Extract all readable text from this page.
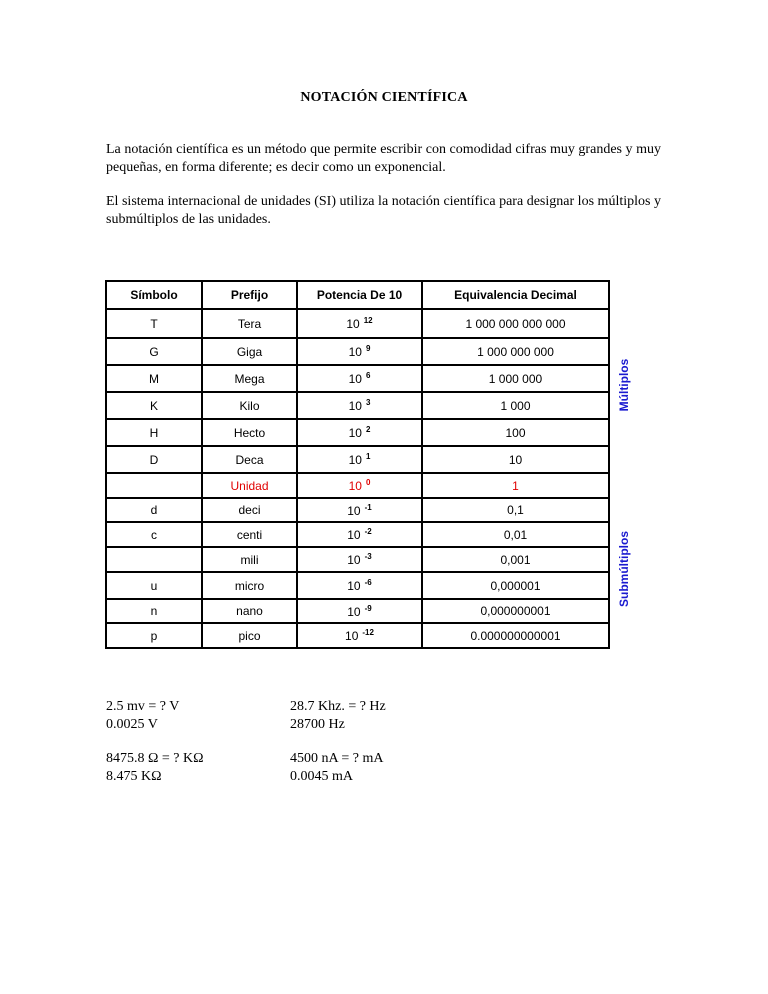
NOTACIÓN CIENTÍFICA
La notación científica es un método que permite escribir con comodidad cifras muy grandes y muy pequeñas, en forma diferente; es decir como un exponencial.
El sistema internacional de unidades (SI) utiliza la notación científica para designar los múltiplos y submúltiplos de las unidades.
Símbolo	Prefijo	Potencia De 10	Equivalencia Decimal
T	Tera	10 $^{12}$	1 000 000 000 000
G	Giga	10 $^9$	1 000 000 000
M	Mega	10 $^6$	1 000 000
K	Kilo	10 $^3$	1 000
H	Hecto	10 $^2$	100
D	Deca	10 $^1$	10
	Unidad	10 $^0$	1
d	deci	10 $^{-1}$	0,1
c	centi	10 $^{-2}$	0,01
	mili	10 $^{-3}$	0,001
u	micro	10 $^{-6}$	0,000001
n	nano	10 $^{-9}$	0,000000001
p	pico	10 $^{-12}$	0.000000000001
Múltiplos
Submúltiplos
2.5 mv = ? V
0.0025 V
28.7 Khz. = ? Hz
28700 Hz
8475.8 Ω = ? KΩ
8.475 KΩ
4500 nA = ? mA
0.0045 mA
